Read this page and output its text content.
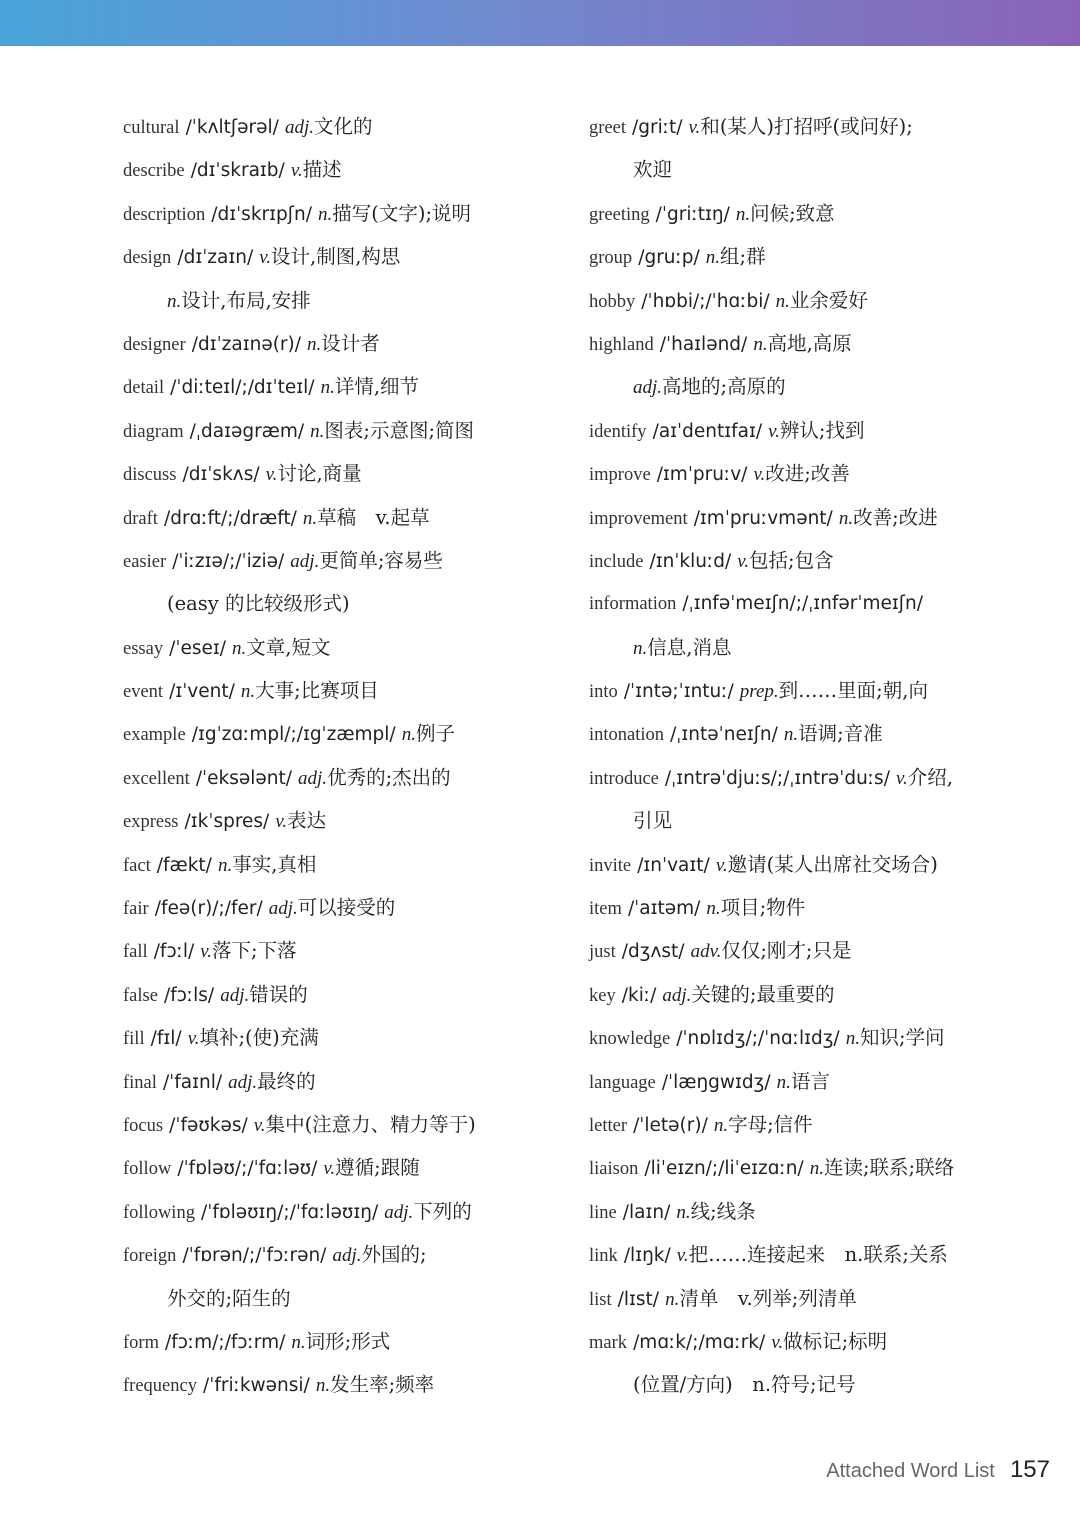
cultural /ˈkʌltʃərəl/ adj.文化的
describe /dɪˈskraɪb/ v.描述
description /dɪˈskrɪpʃn/ n.描写(文字);说明
design /dɪˈzaɪn/ v.设计,制图,构思
n.设计,布局,安排
designer /dɪˈzaɪnə(r)/ n.设计者
detail /ˈdiːteɪl/;/dɪˈteɪl/ n.详情,细节
diagram /ˌdaɪəgræm/ n.图表;示意图;简图
discuss /dɪˈskʌs/ v.讨论,商量
draft /drɑːft/;/dræft/ n.草稿　v.起草
easier /ˈiːzɪə/;/ˈiziə/ adj.更简单;容易些
(easy 的比较级形式)
essay /ˈeseɪ/ n.文章,短文
event /ɪˈvent/ n.大事;比赛项目
example /ɪgˈzɑːmpl/;/ɪgˈzæmpl/ n.例子
excellent /ˈeksələnt/ adj.优秀的;杰出的
express /ɪkˈspres/ v.表达
fact /fækt/ n.事实,真相
fair /feə(r)/;/fer/ adj.可以接受的
fall /fɔːl/ v.落下;下落
false /fɔːls/ adj.错误的
fill /fɪl/ v.填补;(使)充满
final /ˈfaɪnl/ adj.最终的
focus /ˈfəʊkəs/ v.集中(注意力、精力等于)
follow /ˈfɒləʊ/;/ˈfɑːləʊ/ v.遵循;跟随
following /ˈfɒləʊɪŋ/;/ˈfɑːləʊɪŋ/ adj.下列的
foreign /ˈfɒrən/;/ˈfɔːrən/ adj.外国的;
外交的;陌生的
form /fɔːm/;/fɔːrm/ n.词形;形式
frequency /ˈfriːkwənsi/ n.发生率;频率
greet /griːt/ v.和(某人)打招呼(或问好);
欢迎
greeting /ˈgriːtɪŋ/ n.问候;致意
group /gruːp/ n.组;群
hobby /ˈhɒbi/;/ˈhɑːbi/ n.业余爱好
highland /ˈhaɪlənd/ n.高地,高原
adj.高地的;高原的
identify /aɪˈdentɪfaɪ/ v.辨认;找到
improve /ɪmˈpruːv/ v.改进;改善
improvement /ɪmˈpruːvmənt/ n.改善;改进
include /ɪnˈkluːd/ v.包括;包含
information /ˌɪnfəˈmeɪʃn/;/ˌɪnfərˈmeɪʃn/
n.信息,消息
into /ˈɪntə;ˈɪntuː/ prep.到……里面;朝,向
intonation /ˌɪntəˈneɪʃn/ n.语调;音准
introduce /ˌɪntrəˈdjuːs/;/ˌɪntrəˈduːs/ v.介绍,
引见
invite /ɪnˈvaɪt/ v.邀请(某人出席社交场合)
item /ˈaɪtəm/ n.项目;物件
just /dʒʌst/ adv.仅仅;刚才;只是
key /kiː/ adj.关键的;最重要的
knowledge /ˈnɒlɪdʒ/;/ˈnɑːlɪdʒ/ n.知识;学问
language /ˈlæŋgwɪdʒ/ n.语言
letter /ˈletə(r)/ n.字母;信件
liaison /liˈeɪzn/;/liˈeɪzɑːn/ n.连读;联系;联络
line /laɪn/ n.线;线条
link /lɪŋk/ v.把……连接起来　n.联系;关系
list /lɪst/ n.清单　v.列举;列清单
mark /mɑːk/;/mɑːrk/ v.做标记;标明
(位置/方向)　n.符号;记号
Attached Word List 157
